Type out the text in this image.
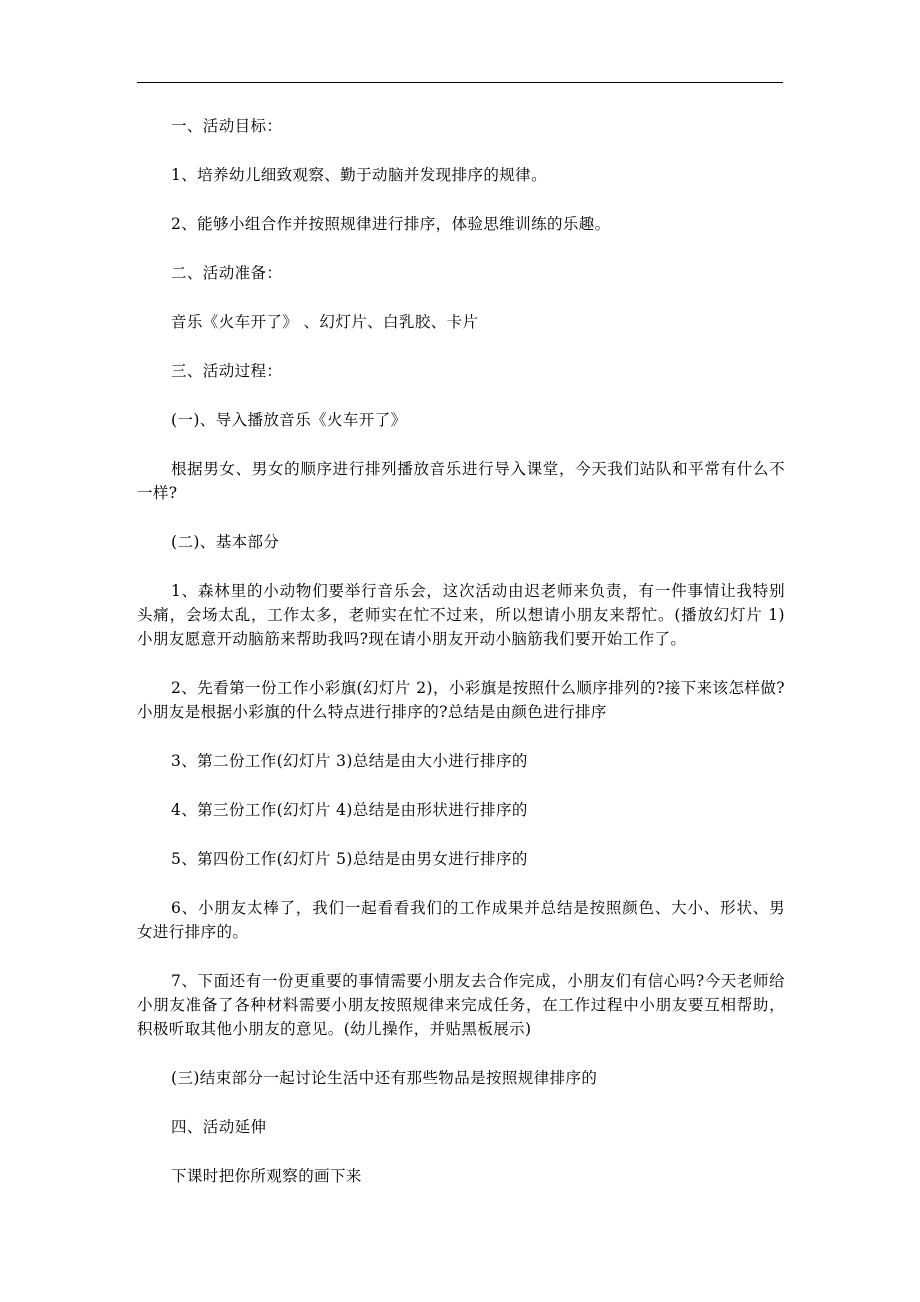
一、活动目标：

1、培养幼儿细致观察、勤于动脑并发现排序的规律。

2、能够小组合作并按照规律进行排序，体验思维训练的乐趣。

二、活动准备：

音乐《火车开了》 、幻灯片、白乳胶、卡片

三、活动过程：

(一)、导入播放音乐《火车开了》

根据男女、男女的顺序进行排列播放音乐进行导入课堂，今天我们站队和平常有什么不一样?

(二)、基本部分

1、森林里的小动物们要举行音乐会，这次活动由迟老师来负责，有一件事情让我特别头痛，会场太乱，工作太多，老师实在忙不过来，所以想请小朋友来帮忙。(播放幻灯片 1)小朋友愿意开动脑筋来帮助我吗?现在请小朋友开动小脑筋我们要开始工作了。

2、先看第一份工作小彩旗(幻灯片 2)，小彩旗是按照什么顺序排列的?接下来该怎样做?小朋友是根据小彩旗的什么特点进行排序的?总结是由颜色进行排序

3、第二份工作(幻灯片 3)总结是由大小进行排序的

4、第三份工作(幻灯片 4)总结是由形状进行排序的

5、第四份工作(幻灯片 5)总结是由男女进行排序的

6、小朋友太棒了，我们一起看看我们的工作成果并总结是按照颜色、大小、形状、男女进行排序的。

7、下面还有一份更重要的事情需要小朋友去合作完成，小朋友们有信心吗?今天老师给小朋友准备了各种材料需要小朋友按照规律来完成任务，在工作过程中小朋友要互相帮助，积极听取其他小朋友的意见。(幼儿操作，并贴黑板展示)

(三)结束部分一起讨论生活中还有那些物品是按照规律排序的

四、活动延伸

下课时把你所观察的画下来
